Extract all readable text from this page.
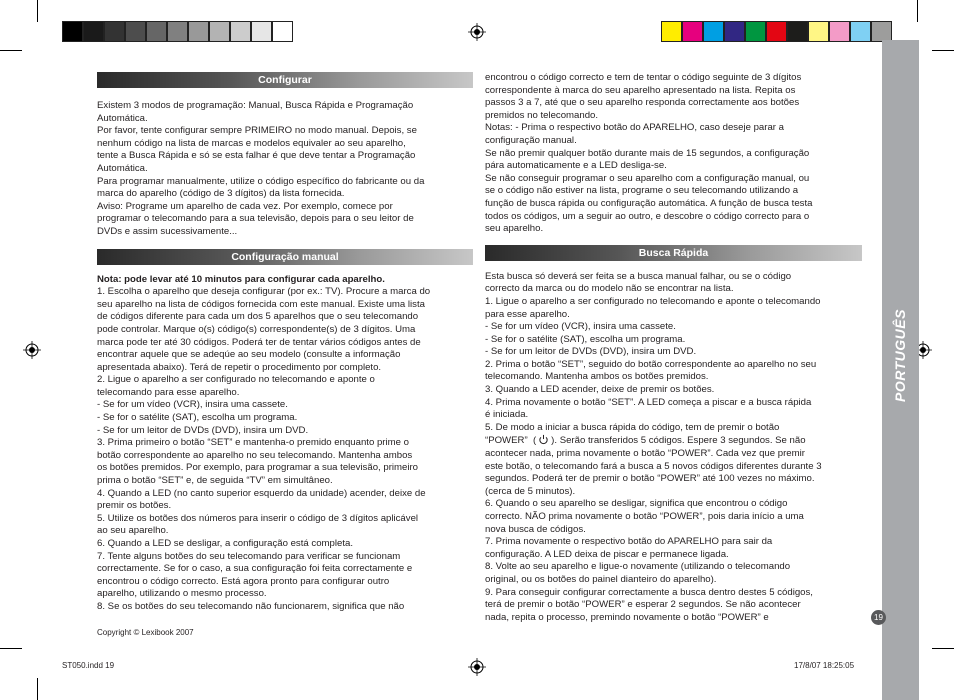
PORTUGUÊS
Configurar

Existem 3 modos de programação: Manual, Busca Rápida e Programação
Automática.
Por favor, tente configurar sempre PRIMEIRO no modo manual. Depois, se
nenhum código na lista de marcas e modelos equivaler ao seu aparelho,
tente a Busca Rápida e só se esta falhar é que deve tentar a Programação
Automática.
Para programar manualmente, utilize o código específico do fabricante ou da
marca do aparelho (código de 3 dígitos) da lista fornecida.
Aviso: Programe um aparelho de cada vez. Por exemplo, comece por
programar o telecomando para a sua televisão, depois para o seu leitor de
DVDs e assim sucessivamente...

Configuração manual

Nota: pode levar até 10 minutos para configurar cada aparelho.

1. Escolha o aparelho que deseja configurar (por ex.: TV). Procure a marca do
seu aparelho na lista de códigos fornecida com este manual. Existe uma lista
de códigos diferente para cada um dos 5 aparelhos que o seu telecomando
pode controlar. Marque o(s) código(s) correspondente(s) de 3 dígitos. Uma
marca pode ter até 30 códigos. Poderá ter de tentar vários códigos antes de
encontrar aquele que se adeqúe ao seu modelo (consulte a informação
apresentada abaixo). Terá de repetir o procedimento por completo.
2. Ligue o aparelho a ser configurado no telecomando e aponte o
telecomando para esse aparelho.
- Se for um vídeo (VCR), insira uma cassete.
- Se for o satélite (SAT), escolha um programa.
- Se for um leitor de DVDs (DVD), insira um DVD.
3. Prima primeiro o botão “SET” e mantenha-o premido enquanto prime o
botão correspondente ao aparelho no seu telecomando. Mantenha ambos
os botões premidos. Por exemplo, para programar a sua televisão, primeiro
prima o botão “SET” e, de seguida “TV” em simultâneo.
4. Quando a LED (no canto superior esquerdo da unidade) acender, deixe de
premir os botões.
5. Utilize os botões dos números para inserir o código de 3 dígitos aplicável
ao seu aparelho.
6. Quando a LED se desligar, a configuração está completa.
7. Tente alguns botões do seu telecomando para verificar se funcionam
correctamente. Se for o caso, a sua configuração foi feita correctamente e
encontrou o código correcto. Está agora pronto para configurar outro
aparelho, utilizando o mesmo processo.
8. Se os botões do seu telecomando não funcionarem, significa que não

Copyright © Lexibook 2007

encontrou o código correcto e tem de tentar o código seguinte de 3 dígitos
correspondente à marca do seu aparelho apresentado na lista. Repita os
passos 3 a 7, até que o seu aparelho responda correctamente aos botões
premidos no telecomando.
Notas: - Prima o respectivo botão do APARELHO, caso deseje parar a
configuração manual.
Se não premir qualquer botão durante mais de 15 segundos, a configuração
pára automaticamente e a LED desliga-se.
Se não conseguir programar o seu aparelho com a configuração manual, ou
se o código não estiver na lista, programe o seu telecomando utilizando a
função de busca rápida ou configuração automática. A função de busca testa
todos os códigos, um a seguir ao outro, e descobre o código correcto para o
seu aparelho.

Busca Rápida

Esta busca só deverá ser feita se a busca manual falhar, ou se o código
correcto da marca ou do modelo não se encontrar na lista.
1. Ligue o aparelho a ser configurado no telecomando e aponte o telecomando
para esse aparelho.
- Se for um vídeo (VCR), insira uma cassete.
- Se for o satélite (SAT), escolha um programa.
- Se for um leitor de DVDs (DVD), insira um DVD.
2. Prima o botão “SET”, seguido do botão correspondente ao aparelho no seu
telecomando. Mantenha ambos os botões premidos.
3. Quando a LED acender, deixe de premir os botões.
4. Prima novamente o botão “SET”. A LED começa a piscar e a busca rápida
é iniciada.
5. De modo a iniciar a busca rápida do código, tem de premir o botão

“POWER”  ( ). Serão transferidos 5 códigos. Espere 3 segundos. Se não

acontecer nada, prima novamente o botão “POWER”. Cada vez que premir
este botão, o telecomando fará a busca a 5 novos códigos diferentes durante 3
segundos. Poderá ter de premir o botão “POWER” até 100 vezes no máximo.
(cerca de 5 minutos).
6. Quando o seu aparelho se desligar, significa que encontrou o código
correcto. NÃO prima novamente o botão “POWER”, pois daria início a uma
nova busca de códigos.
7. Prima novamente o respectivo botão do APARELHO para sair da
configuração. A LED deixa de piscar e permanece ligada.
8. Volte ao seu aparelho e ligue-o novamente (utilizando o telecomando
original, ou os botões do painel dianteiro do aparelho).
9. Para conseguir configurar correctamente a busca dentro destes 5 códigos,
terá de premir o botão “POWER” e esperar 2 segundos. Se não acontecer
nada, repita o processo, premindo novamente o botão “POWER” e	19
ST050.indd 19	17/8/07 18:25:05
